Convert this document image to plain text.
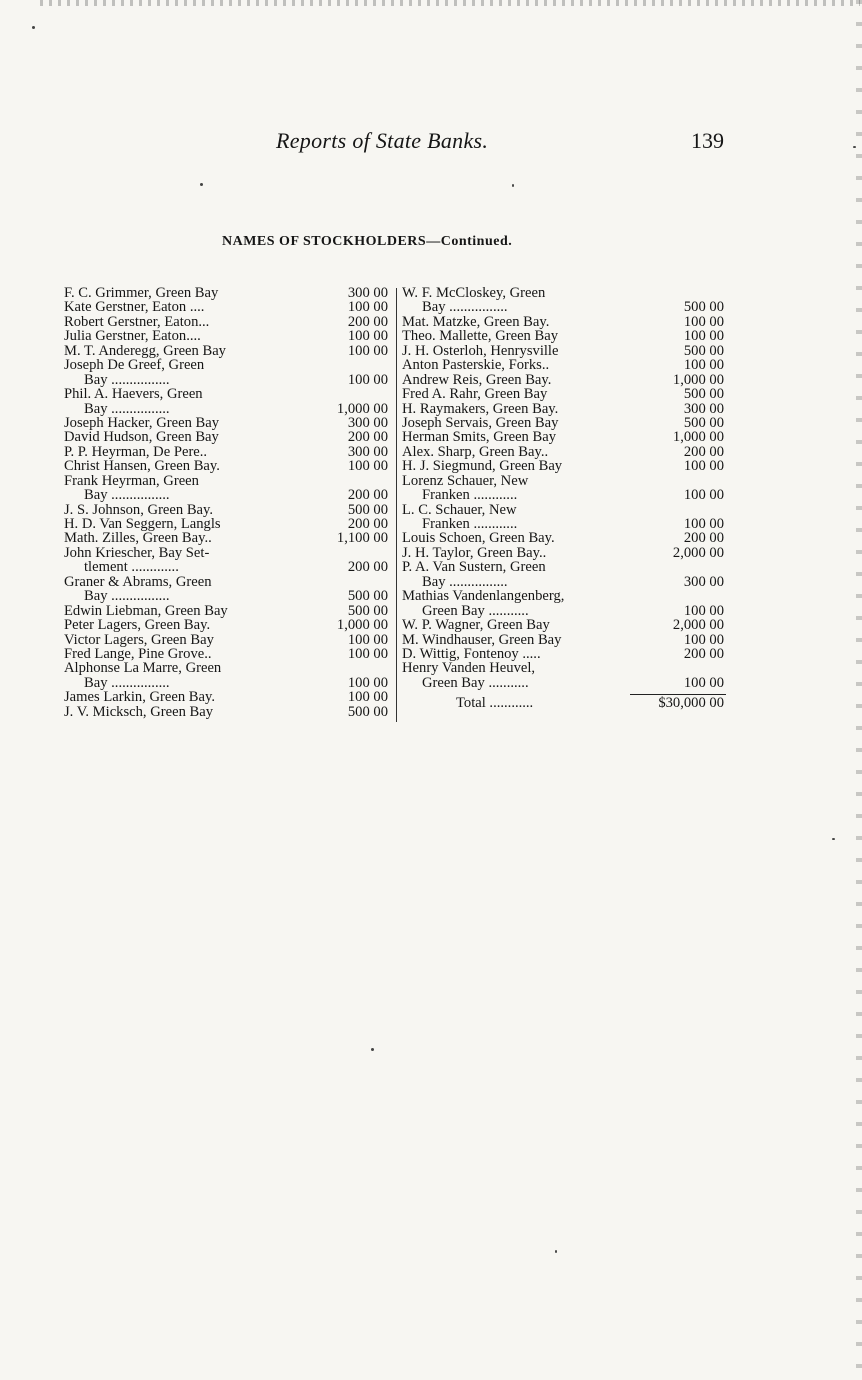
Reports of State Banks.	139
NAMES OF STOCKHOLDERS—Continued.
F. C. Grimmer, Green Bay	300 00
Kate Gerstner, Eaton ....	100 00
Robert Gerstner, Eaton...	200 00
Julia Gerstner, Eaton....	100 00
M. T. Anderegg, Green Bay	100 00
Joseph De Greef, Green
Bay ................	100 00
Phil. A. Haevers, Green
Bay ................	1,000 00
Joseph Hacker, Green Bay	300 00
David Hudson, Green Bay	200 00
P. P. Heyrman, De Pere..	300 00
Christ Hansen, Green Bay.	100 00
Frank Heyrman, Green
Bay ................	200 00
J. S. Johnson, Green Bay.	500 00
H. D. Van Seggern, Langls	200 00
Math. Zilles, Green Bay..	1,100 00
John Kriescher, Bay Set-
tlement .............	200 00
Graner & Abrams, Green
Bay ................	500 00
Edwin Liebman, Green Bay	500 00
Peter Lagers, Green Bay.	1,000 00
Victor Lagers, Green Bay	100 00
Fred Lange, Pine Grove..	100 00
Alphonse La Marre, Green
Bay ................	100 00
James Larkin, Green Bay.	100 00
J. V. Micksch, Green Bay	500 00
W. F. McCloskey, Green
Bay ................	500 00
Mat. Matzke, Green Bay.	100 00
Theo. Mallette, Green Bay	100 00
J. H. Osterloh, Henrysville	500 00
Anton Pasterskie, Forks..	100 00
Andrew Reis, Green Bay.	1,000 00
Fred A. Rahr, Green Bay	500 00
H. Raymakers, Green Bay.	300 00
Joseph Servais, Green Bay	500 00
Herman Smits, Green Bay	1,000 00
Alex. Sharp, Green Bay..	200 00
H. J. Siegmund, Green Bay	100 00
Lorenz Schauer, New
Franken ............	100 00
L. C. Schauer, New
Franken ............	100 00
Louis Schoen, Green Bay.	200 00
J. H. Taylor, Green Bay..	2,000 00
P. A. Van Sustern, Green
Bay ................	300 00
Mathias Vandenlangenberg,
Green Bay ...........	100 00
W. P. Wagner, Green Bay	2,000 00
M. Windhauser, Green Bay	100 00
D. Wittig, Fontenoy .....	200 00
Henry Vanden Heuvel,
Green Bay ...........	100 00
Total ............	$30,000 00
